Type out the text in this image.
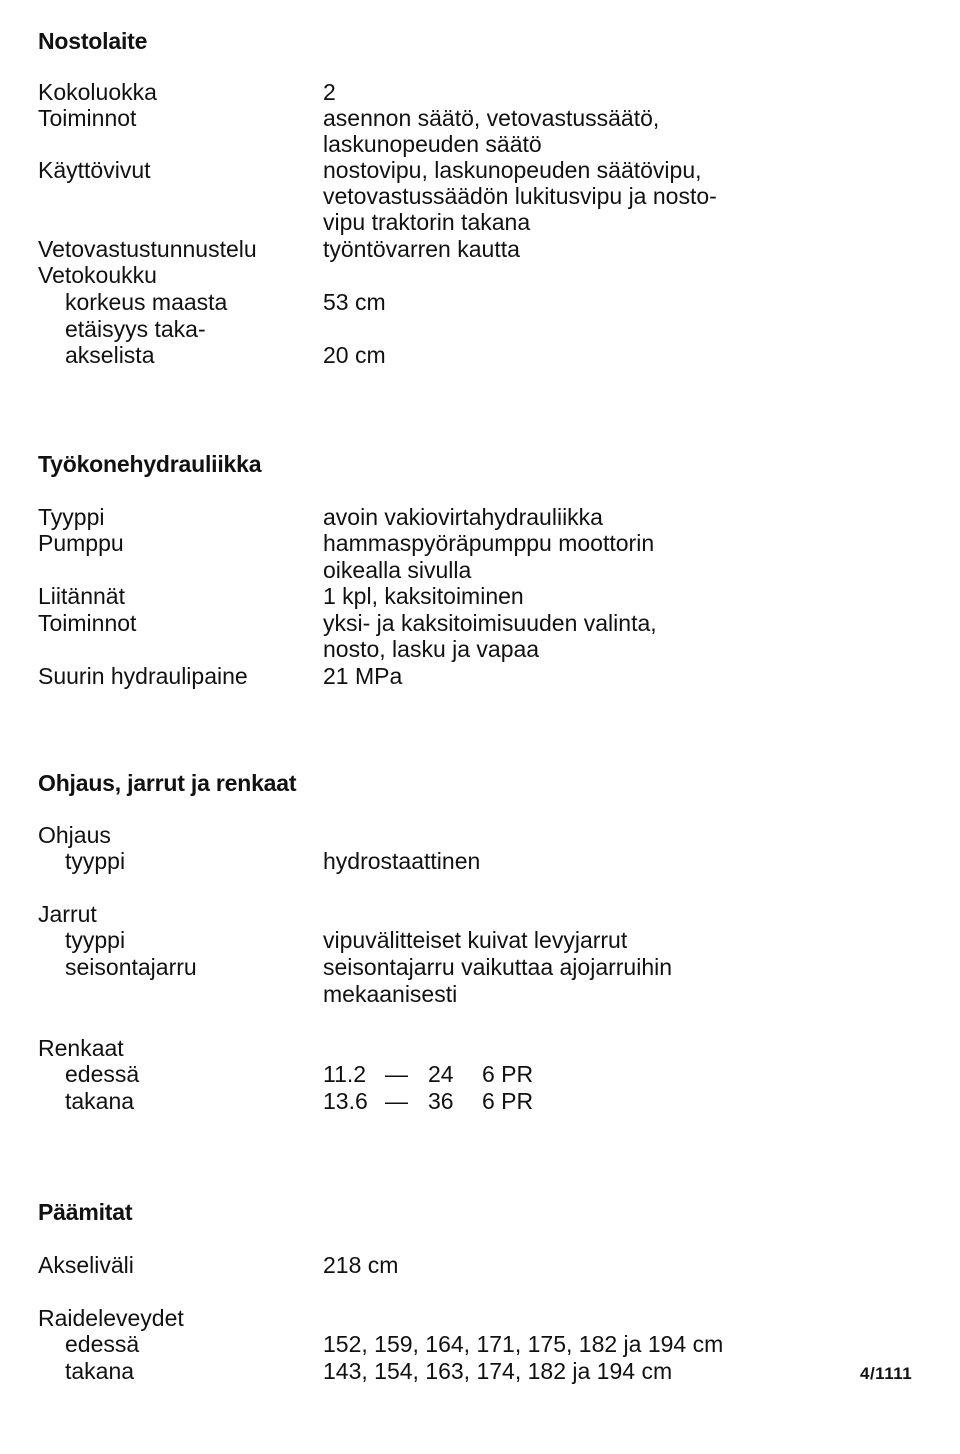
Nostolaite
Kokoluokka	2
Toiminnot	asennon säätö, vetovastussäätö,
laskunopeuden säätö
Käyttövivut	nostovipu, laskunopeuden säätövipu,
vetovastussäädön lukitusvipu ja nosto-
vipu traktorin takana
Vetovastustunnustelu	työntövarren kautta
Vetokoukku
korkeus maasta	53 cm
etäisyys taka-
akselista	20 cm
Työkonehydrauliikka
Tyyppi	avoin vakiovirtahydrauliikka
Pumppu	hammaspyöräpumppu moottorin
oikealla sivulla
Liitännät	1 kpl, kaksitoiminen
Toiminnot	yksi- ja kaksitoimisuuden valinta,
nosto, lasku ja vapaa
Suurin hydraulipaine	21 MPa
Ohjaus, jarrut ja renkaat
Ohjaus
tyyppi	hydrostaattinen
Jarrut
tyyppi	vipuvälitteiset kuivat levyjarrut
seisontajarru	seisontajarru vaikuttaa ajojarruihin
mekaanisesti
Renkaat
edessä	11.2 — 24 6 PR
takana	13.6 — 36 6 PR
Päämitat
Akseliväli	218 cm
Raideleveydet
edessä	152, 159, 164, 171, 175, 182 ja 194 cm
takana	143, 154, 163, 174, 182 ja 194 cm	4/1111
